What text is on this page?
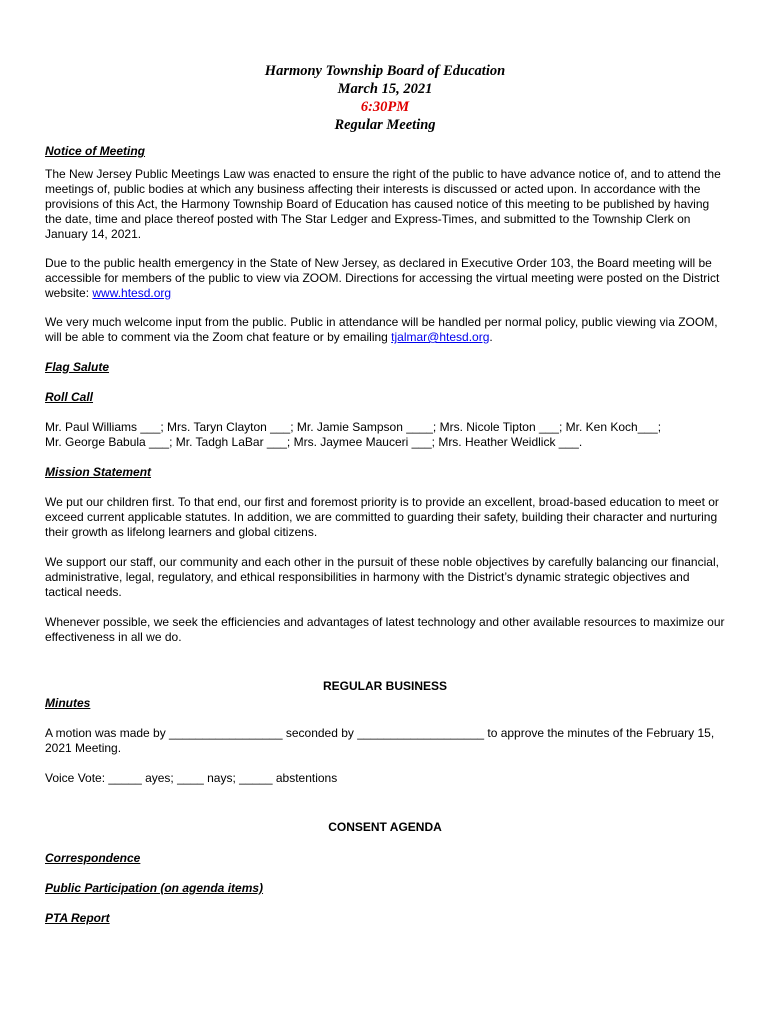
Harmony Township Board of Education
March 15, 2021
6:30PM
Regular Meeting

Notice of Meeting

The New Jersey Public Meetings Law was enacted to ensure the right of the public to have advance notice of, and to attend the meetings of, public bodies at which any business affecting their interests is discussed or acted upon. In accordance with the provisions of this Act, the Harmony Township Board of Education has caused notice of this meeting to be published by having the date, time and place thereof posted with The Star Ledger and Express-Times, and submitted to the Township Clerk on January 14, 2021.

Due to the public health emergency in the State of New Jersey, as declared in Executive Order 103, the Board meeting will be accessible for members of the public to view via ZOOM. Directions for accessing the virtual meeting were posted on the District website: www.htesd.org

We very much welcome input from the public. Public in attendance will be handled per normal policy, public viewing via ZOOM, will be able to comment via the Zoom chat feature or by emailing tjalmar@htesd.org.

Flag Salute

Roll Call

Mr. Paul Williams ___; Mrs. Taryn Clayton ___; Mr. Jamie Sampson ____; Mrs. Nicole Tipton ___; Mr. Ken Koch___;
Mr. George Babula ___; Mr. Tadgh LaBar ___; Mrs. Jaymee Mauceri ___; Mrs. Heather Weidlick ___.

Mission Statement

We put our children first. To that end, our first and foremost priority is to provide an excellent, broad-based education to meet or exceed current applicable statutes. In addition, we are committed to guarding their safety, building their character and nurturing their growth as lifelong learners and global citizens.

We support our staff, our community and each other in the pursuit of these noble objectives by carefully balancing our financial, administrative, legal, regulatory, and ethical responsibilities in harmony with the District’s dynamic strategic objectives and tactical needs.

Whenever possible, we seek the efficiencies and advantages of latest technology and other available resources to maximize our effectiveness in all we do.

REGULAR BUSINESS

Minutes

A motion was made by _________________ seconded by ___________________ to approve the minutes of the February 15, 2021 Meeting.

Voice Vote: _____ ayes; ____ nays; _____ abstentions

CONSENT AGENDA

Correspondence

Public Participation (on agenda items)

PTA Report
